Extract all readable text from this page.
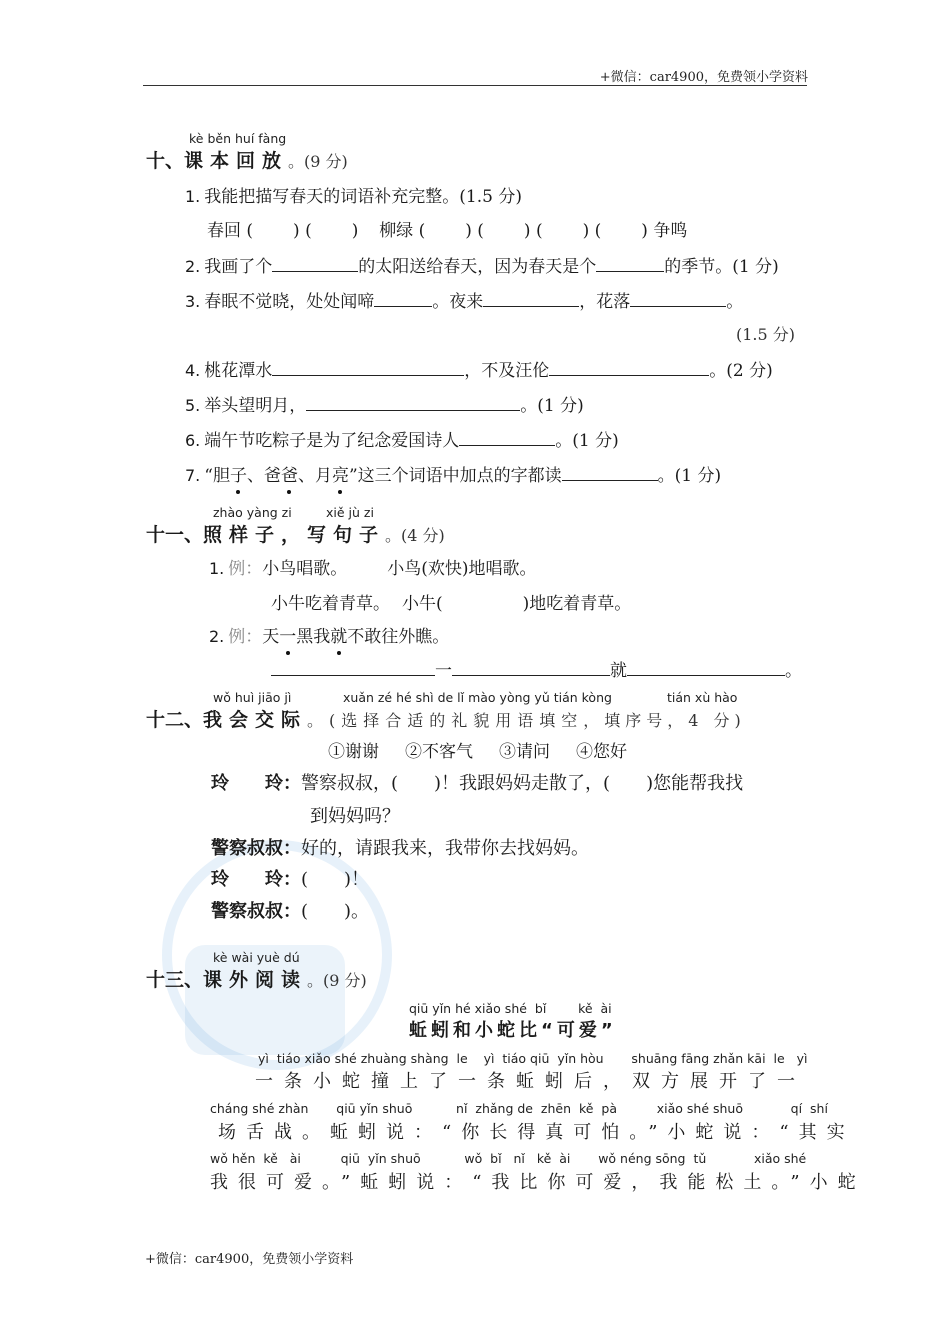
+微信：car4900，免费领小学资料
kè běn huí fàng
十、课本回放。(9 分)
1. 我能把描写春天的词语补充完整。(1.5 分)
春回 ( ) ( ) 柳绿 ( ) ( ) ( ) ( ) 争鸣
2. 我画了个	的太阳送给春天，因为春天是个	的季节。(1 分)
3. 春眠不觉晓，处处闻啼	。夜来	，花落	。
(1.5 分)
4. 桃花潭水	，不及汪伦	。(2 分)
5. 举头望明月，	。(1 分)
6. 端午节吃粽子是为了纪念爱国诗人	。(1 分)
7. “胆子、爸爸、月亮”这三个词语中加点的字都读	。(1 分)
zhào yàng zi	xiě jù zi
十一、照样子，写句子。(4 分)
1. 例：小鸟唱歌。 小鸟(欢快)地唱歌。
小牛吃着青草。 小牛(	)地吃着青草。
2. 例：天一黑我就不敢往外瞧。
一	就	。
wǒ huì jiāo jì	xuǎn zé hé shì de lǐ mào yòng yǔ tián kòng	tián xù hào
十二、我会交际。(选择合适的礼貌用语填空，填序号，4 分)
①谢谢 ②不客气 ③请问 ④您好
玲　　玲：警察叔叔，(　　)！我跟妈妈走散了，(　　)您能帮我找
到妈妈吗？
警察叔叔：好的，请跟我来，我带你去找妈妈。
玲　　玲：(　　)！
警察叔叔：(　　)。
kè wài yuè dú
十三、课外阅读。(9 分)
qiū yǐn hé xiǎo shé  bǐ        kě  ài
蚯蚓和小蛇比“可爱”
yì  tiáo xiǎo shé zhuàng shàng  le    yì  tiáo qiū  yǐn hòu       shuāng fāng zhǎn kāi  le   yì
一条小蛇撞上了一条蚯蚓后，双方展开了一
cháng shé zhàn       qiū yǐn shuō           nǐ  zhǎng de  zhēn  kě  pà          xiǎo shé shuō            qí  shí
场舌战。蚯蚓说：“你长得真可怕。”小蛇说：“其实
wǒ hěn  kě   ài          qiū  yǐn shuō           wǒ  bǐ   nǐ   kě  ài       wǒ néng sōng  tǔ            xiǎo shé
我很可爱。”蚯蚓说：“我比你可爱，我能松土。”小蛇
+微信：car4900，免费领小学资料
